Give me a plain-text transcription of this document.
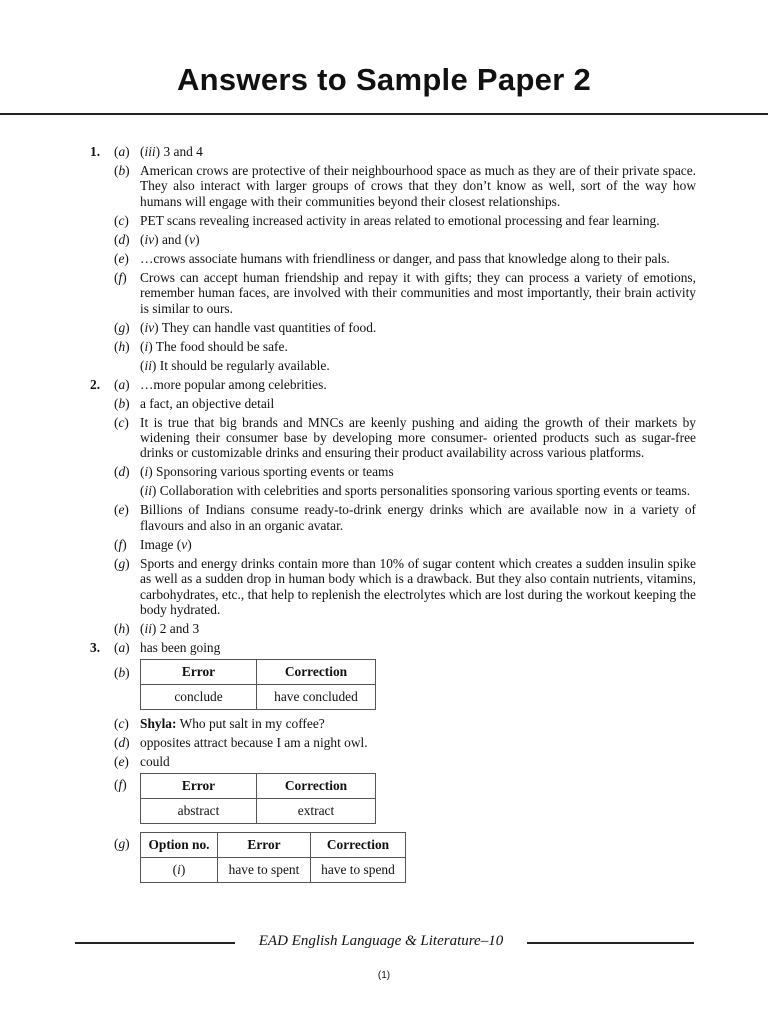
Answers to Sample Paper 2
1. (a) (iii) 3 and 4
(b) American crows are protective of their neighbourhood space as much as they are of their private space. They also interact with larger groups of crows that they don’t know as well, sort of the way how humans will engage with their communities beyond their closest relationships.
(c) PET scans revealing increased activity in areas related to emotional processing and fear learning.
(d) (iv) and (v)
(e) …crows associate humans with friendliness or danger, and pass that knowledge along to their pals.
(f) Crows can accept human friendship and repay it with gifts; they can process a variety of emotions, remember human faces, are involved with their communities and most importantly, their brain activity is similar to ours.
(g) (iv) They can handle vast quantities of food.
(h) (i) The food should be safe.
(ii) It should be regularly available.
2. (a) …more popular among celebrities.
(b) a fact, an objective detail
(c) It is true that big brands and MNCs are keenly pushing and aiding the growth of their markets by widening their consumer base by developing more consumer- oriented products such as sugar-free drinks or customizable drinks and ensuring their product availability across various platforms.
(d) (i) Sponsoring various sporting events or teams
(ii) Collaboration with celebrities and sports personalities sponsoring various sporting events or teams.
(e) Billions of Indians consume ready-to-drink energy drinks which are available now in a variety of flavours and also in an organic avatar.
(f) Image (v)
(g) Sports and energy drinks contain more than 10% of sugar content which creates a sudden insulin spike as well as a sudden drop in human body which is a drawback. But they also contain nutrients, vitamins, carbohydrates, etc., that help to replenish the electrolytes which are lost during the workout keeping the body hydrated.
(h) (ii) 2 and 3
3. (a) has been going
(b)	Error	Correction
conclude	have concluded
(c) Shyla: Who put salt in my coffee?
(d) opposites attract because I am a night owl.
(e) could
(f)	Error	Correction
abstract	extract
(g)	Option no.	Error	Correction
(i)	have to spent	have to spend
EAD English Language & Literature–10
(1)
